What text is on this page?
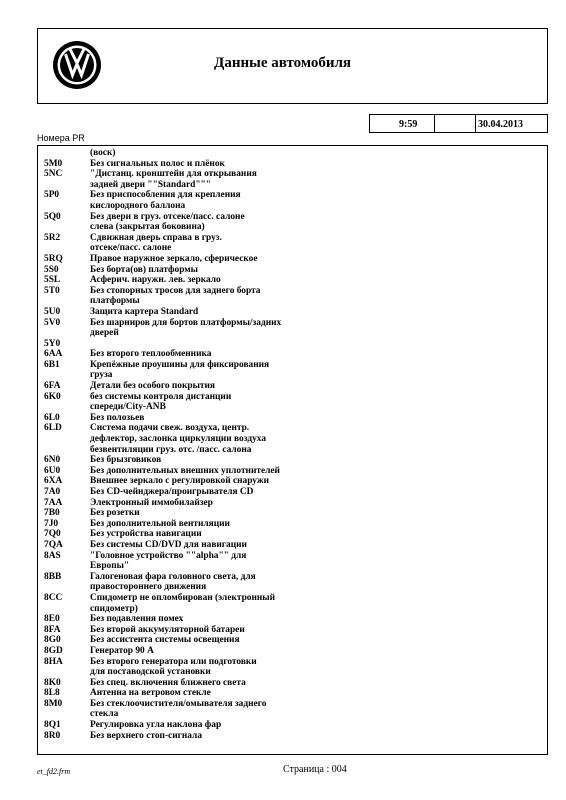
Данные автомобиля
9:59	30.04.2013
Номера PR
(воск)
5M0	Без сигнальных полос и плёнок
5NC	"Дистанц. кронштейн для открывания
задней двери ""Standard"""
5P0	Без приспособления для крепления
кислородного баллона
5Q0	Без двери в груз. отсеке/пасс. салоне
слева (закрытая боковина)
5R2	Сдвижная дверь справа в груз.
отсеке/пасс. салоне
5RQ	Правое наружное зеркало, сферическое
5S0	Без борта(ов) платформы
5SL	Асферич. наружн. лев. зеркало
5T0	Без стопорных тросов для заднего борта
платформы
5U0	Защита картера Standard
5V0	Без шарниров для бортов платформы/задних
дверей
5Y0
6AA	Без второго теплообменника
6B1	Крепёжные проушины для фиксирования
груза
6FA	Детали без особого покрытия
6K0	без системы контроля дистанции
спереди/City-ANB
6L0	Без полозьев
6LD	Система подачи свеж. воздуха, центр.
дефлектор, заслонка циркуляции воздуха
безвентиляции груз. отс. /пасс. салона
6N0	Без брызговиков
6U0	Без дополнительных внешних уплотнителей
6XA	Внешнее зеркало с регулировкой снаружи
7A0	Без CD-чейнджера/проигрывателя CD
7AA	Электронный иммобилайзер
7B0	Без розетки
7J0	Без дополнительной вентиляции
7Q0	Без устройства навигации
7QA	Без системы CD/DVD для навигации
8AS	"Головное устройство ""alpha"" для
Европы"
8BB	Галогеновая фара головного света, для
правостороннего движения
8CC	Спидометр не опломбирован (электронный
спидометр)
8E0	Без подавления помех
8FA	Без второй аккумуляторной батареи
8G0	Без ассистента системы освещения
8GD	Генератор 90 А
8HA	Без второго генератора или подготовки
для поставодской установки
8K0	Без спец. включения ближнего света
8L8	Антенна на ветровом стекле
8M0	Без стеклоочистителя/омывателя заднего
стекла
8Q1	Регулировка угла наклона фар
8R0	Без верхнего стоп-сигнала
et_fd2.frm	Страница : 004
